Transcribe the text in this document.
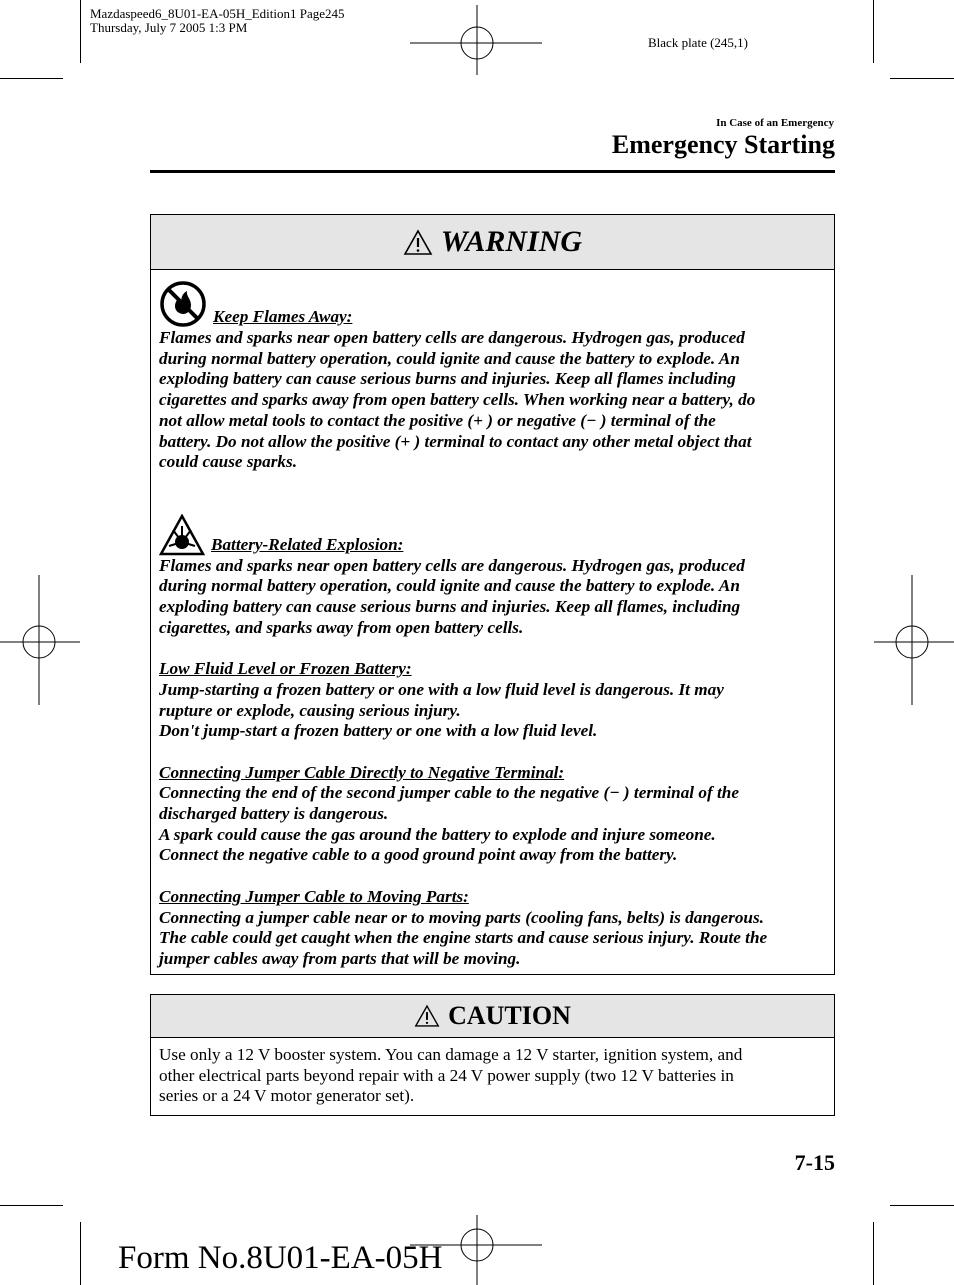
Mazdaspeed6_8U01-EA-05H_Edition1 Page245
Thursday, July 7 2005 1:3 PM
Black plate (245,1)
In Case of an Emergency
Emergency Starting
WARNING
Keep Flames Away:
Flames and sparks near open battery cells are dangerous. Hydrogen gas, produced
during normal battery operation, could ignite and cause the battery to explode. An
exploding battery can cause serious burns and injuries. Keep all flames including
cigarettes and sparks away from open battery cells. When working near a battery, do
not allow metal tools to contact the positive (+ ) or negative (− ) terminal of the
battery. Do not allow the positive (+ ) terminal to contact any other metal object that
could cause sparks.
Battery-Related Explosion:
Flames and sparks near open battery cells are dangerous. Hydrogen gas, produced
during normal battery operation, could ignite and cause the battery to explode. An
exploding battery can cause serious burns and injuries. Keep all flames, including
cigarettes, and sparks away from open battery cells.
Low Fluid Level or Frozen Battery:
Jump-starting a frozen battery or one with a low fluid level is dangerous. It may
rupture or explode, causing serious injury.
Don't jump-start a frozen battery or one with a low fluid level.
Connecting Jumper Cable Directly to Negative Terminal:
Connecting the end of the second jumper cable to the negative (− ) terminal of the
discharged battery is dangerous.
A spark could cause the gas around the battery to explode and injure someone.
Connect the negative cable to a good ground point away from the battery.
Connecting Jumper Cable to Moving Parts:
Connecting a jumper cable near or to moving parts (cooling fans, belts) is dangerous.
The cable could get caught when the engine starts and cause serious injury. Route the
jumper cables away from parts that will be moving.
CAUTION
Use only a 12 V booster system. You can damage a 12 V starter, ignition system, and
other electrical parts beyond repair with a 24 V power supply (two 12 V batteries in
series or a 24 V motor generator set).
7-15
Form No.8U01-EA-05H
